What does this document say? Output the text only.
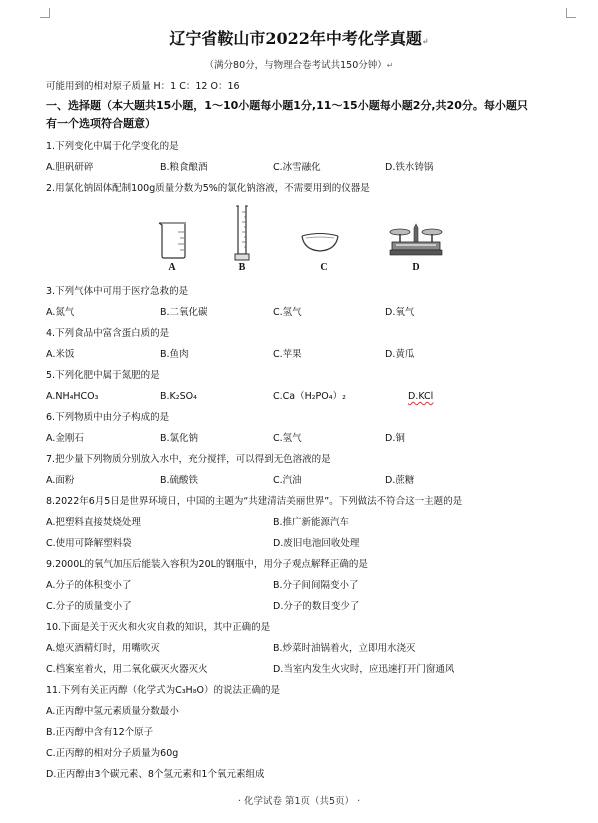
辽宁省鞍山市2022年中考化学真题↵
（满分80分，与物理合卷考试共150分钟）↵
可能用到的相对原子质量 H：1 C：12 O：16
一、选择题（本大题共15小题，1～10小题每小题1分,11～15小题每小题2分,共20分。每小题只
有一个选项符合题意）
1.下列变化中属于化学变化的是
A.胆矾研碎	B.粮食酿酒	C.冰雪融化	D.铁水铸锅
2.用氯化钠固体配制100g质量分数为5%的氯化钠溶液，不需要用到的仪器是
A	B	C	D
3.下列气体中可用于医疗急救的是
A.氮气	B.二氧化碳	C.氢气	D.氧气
4.下列食品中富含蛋白质的是
A.米饭	B.鱼肉	C.苹果	D.黄瓜
5.下列化肥中属于氮肥的是
A.NH₄HCO₃	B.K₂SO₄	C.Ca（H₂PO₄）₂	D.KCl
6.下列物质中由分子构成的是
A.金刚石	B.氯化钠	C.氢气	D.铜
7.把少量下列物质分别放入水中，充分搅拌，可以得到无色溶液的是
A.面粉	B.硫酸铁	C.汽油	D.蔗糖
8.2022年6月5日是世界环境日，中国的主题为“共建清洁美丽世界”。下列做法不符合这一主题的是
A.把塑料直接焚烧处理	B.推广新能源汽车
C.使用可降解塑料袋	D.废旧电池回收处理
9.2000L的氧气加压后能装入容积为20L的钢瓶中，用分子观点解释正确的是
A.分子的体积变小了	B.分子间间隔变小了
C.分子的质量变小了	D.分子的数目变少了
10.下面是关于灭火和火灾自救的知识，其中正确的是
A.熄灭酒精灯时，用嘴吹灭	B.炒菜时油锅着火，立即用水浇灭
C.档案室着火，用二氧化碳灭火器灭火	D.当室内发生火灾时，应迅速打开门窗通风
11.下列有关正丙醇（化学式为C₃H₈O）的说法正确的是
A.正丙醇中氢元素质量分数最小
B.正丙醇中含有12个原子
C.正丙醇的相对分子质量为60g
D.正丙醇由3个碳元素、8个氢元素和1个氧元素组成
· 化学试卷 第1页（共5页） ·
